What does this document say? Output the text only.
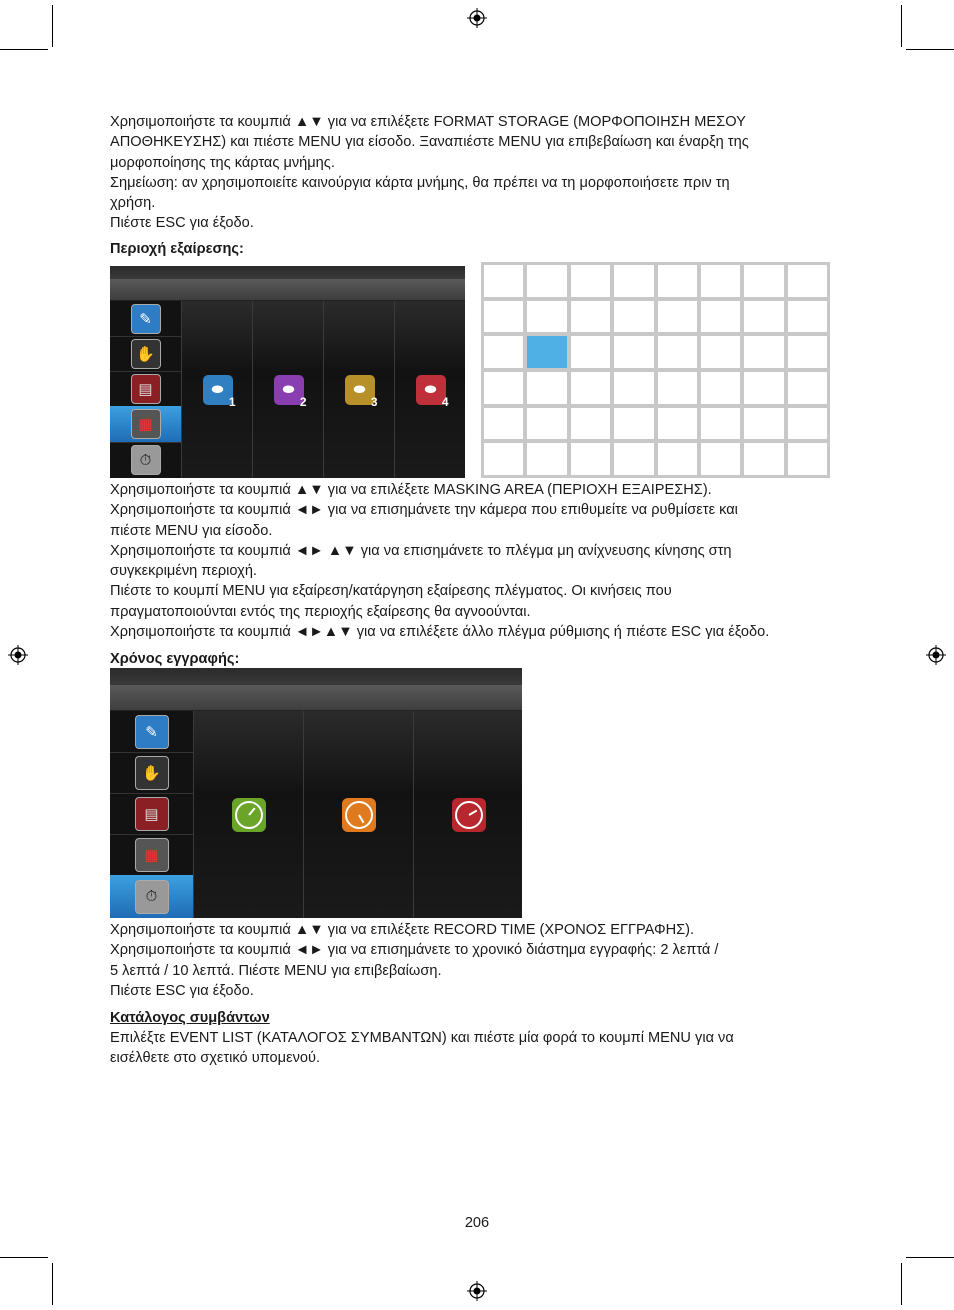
Χρησιμοποιήστε τα κουμπιά ▲▼ για να επιλέξετε FORMAT STORAGE (ΜΟΡΦΟΠΟΙΗΣΗ ΜΕΣΟΥ

ΑΠΟΘΗΚΕΥΣΗΣ) και πιέστε MENU για είσοδο. Ξαναπιέστε MENU για επιβεβαίωση και έναρξη της

μορφοποίησης της κάρτας μνήμης.

Σημείωση: αν χρησιμοποιείτε καινούργια κάρτα μνήμης, θα πρέπει να τη μορφοποιήσετε πριν τη

χρήση.

Πιέστε ESC για έξοδο.

Περιοχή εξαίρεσης:
✎
✋
▤
▦
⏱
⬬
1
⬬
2
⬬
3
⬬
4

Χρησιμοποιήστε τα κουμπιά ▲▼ για να επιλέξετε MASKING AREA (ΠΕΡΙΟΧΗ ΕΞΑΙΡΕΣΗΣ).

Χρησιμοποιήστε τα κουμπιά ◄► για να επισημάνετε την κάμερα που επιθυμείτε να ρυθμίσετε και

πιέστε MENU για είσοδο.

Χρησιμοποιήστε τα κουμπιά ◄► ▲▼ για να επισημάνετε το πλέγμα μη ανίχνευσης κίνησης στη

συγκεκριμένη περιοχή.

Πιέστε το κουμπί MENU για εξαίρεση/κατάργηση εξαίρεσης πλέγματος. Οι κινήσεις που

πραγματοποιούνται εντός της περιοχής εξαίρεσης θα αγνοούνται.

Χρησιμοποιήστε τα κουμπιά ◄►▲▼ για να επιλέξετε άλλο πλέγμα ρύθμισης ή πιέστε ESC για έξοδο.

Χρόνος εγγραφής:
✎
✋
▤
▦
⏱

Χρησιμοποιήστε τα κουμπιά ▲▼ για να επιλέξετε RECORD TIME (ΧΡΟΝΟΣ ΕΓΓΡΑΦΗΣ).

Χρησιμοποιήστε τα κουμπιά ◄► για να επισημάνετε το χρονικό διάστημα εγγραφής: 2 λεπτά /

5 λεπτά / 10 λεπτά. Πιέστε MENU για επιβεβαίωση.

Πιέστε ESC για έξοδο.

Κατάλογος συμβάντων

Επιλέξτε EVENT LIST (ΚΑΤΑΛΟΓΟΣ ΣΥΜΒΑΝΤΩΝ) και πιέστε μία φορά το κουμπί MENU για να

εισέλθετε στο σχετικό υπομενού.

206
